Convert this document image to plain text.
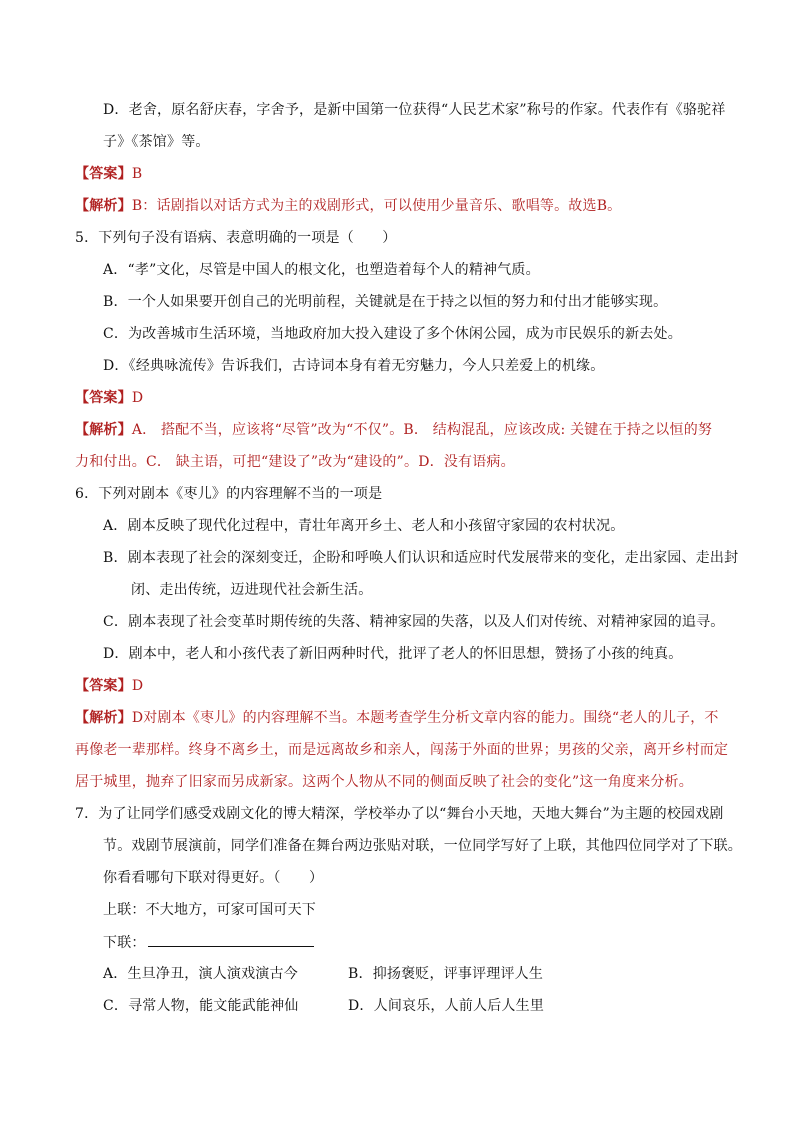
D．老舍，原名舒庆春，字舍予，是新中国第一位获得“人民艺术家”称号的作家。代表作有《骆驼祥
子》《茶馆》等。
【答案】B
【解析】B：话剧指以对话方式为主的戏剧形式，可以使用少量音乐、歌唱等。故选B。
5．下列句子没有语病、表意明确的一项是（　　）
A．“孝”文化，尽管是中国人的根文化，也塑造着每个人的精神气质。
B．一个人如果要开创自己的光明前程，关键就是在于持之以恒的努力和付出才能够实现。
C．为改善城市生活环境，当地政府加大投入建设了多个休闲公园，成为市民娱乐的新去处。
D．《经典咏流传》告诉我们，古诗词本身有着无穷魅力，今人只差爱上的机缘。
【答案】D
【解析】A． 搭配不当，应该将“尽管”改为“不仅”。B． 结构混乱，应该改成: 关键在于持之以恒的努
力和付出。C． 缺主语，可把“建设了”改为“建设的”。D．没有语病。
6．下列对剧本《枣儿》的内容理解不当的一项是
A．剧本反映了现代化过程中，青壮年离开乡土、老人和小孩留守家园的农村状况。
B．剧本表现了社会的深刻变迁，企盼和呼唤人们认识和适应时代发展带来的变化，走出家园、走出封
闭、走出传统，迈进现代社会新生活。
C．剧本表现了社会变革时期传统的失落、精神家园的失落，以及人们对传统、对精神家园的追寻。
D．剧本中，老人和小孩代表了新旧两种时代，批评了老人的怀旧思想，赞扬了小孩的纯真。
【答案】D
【解析】D对剧本《枣儿》的内容理解不当。本题考查学生分析文章内容的能力。围绕“老人的儿子，不
再像老一辈那样。终身不离乡土，而是远离故乡和亲人，闯荡于外面的世界；男孩的父亲，离开乡村而定
居于城里，抛弃了旧家而另成新家。这两个人物从不同的侧面反映了社会的变化”这一角度来分析。
7．为了让同学们感受戏剧文化的博大精深，学校举办了以“舞台小天地，天地大舞台”为主题的校园戏剧
节。戏剧节展演前，同学们准备在舞台两边张贴对联，一位同学写好了上联，其他四位同学对了下联。
你看看哪句下联对得更好。（　　）
上联：不大地方，可家可国可天下
下联：
A．生旦净丑，演人演戏演古今	B．抑扬褒贬，评事评理评人生
C．寻常人物，能文能武能神仙	D．人间哀乐，人前人后人生里
